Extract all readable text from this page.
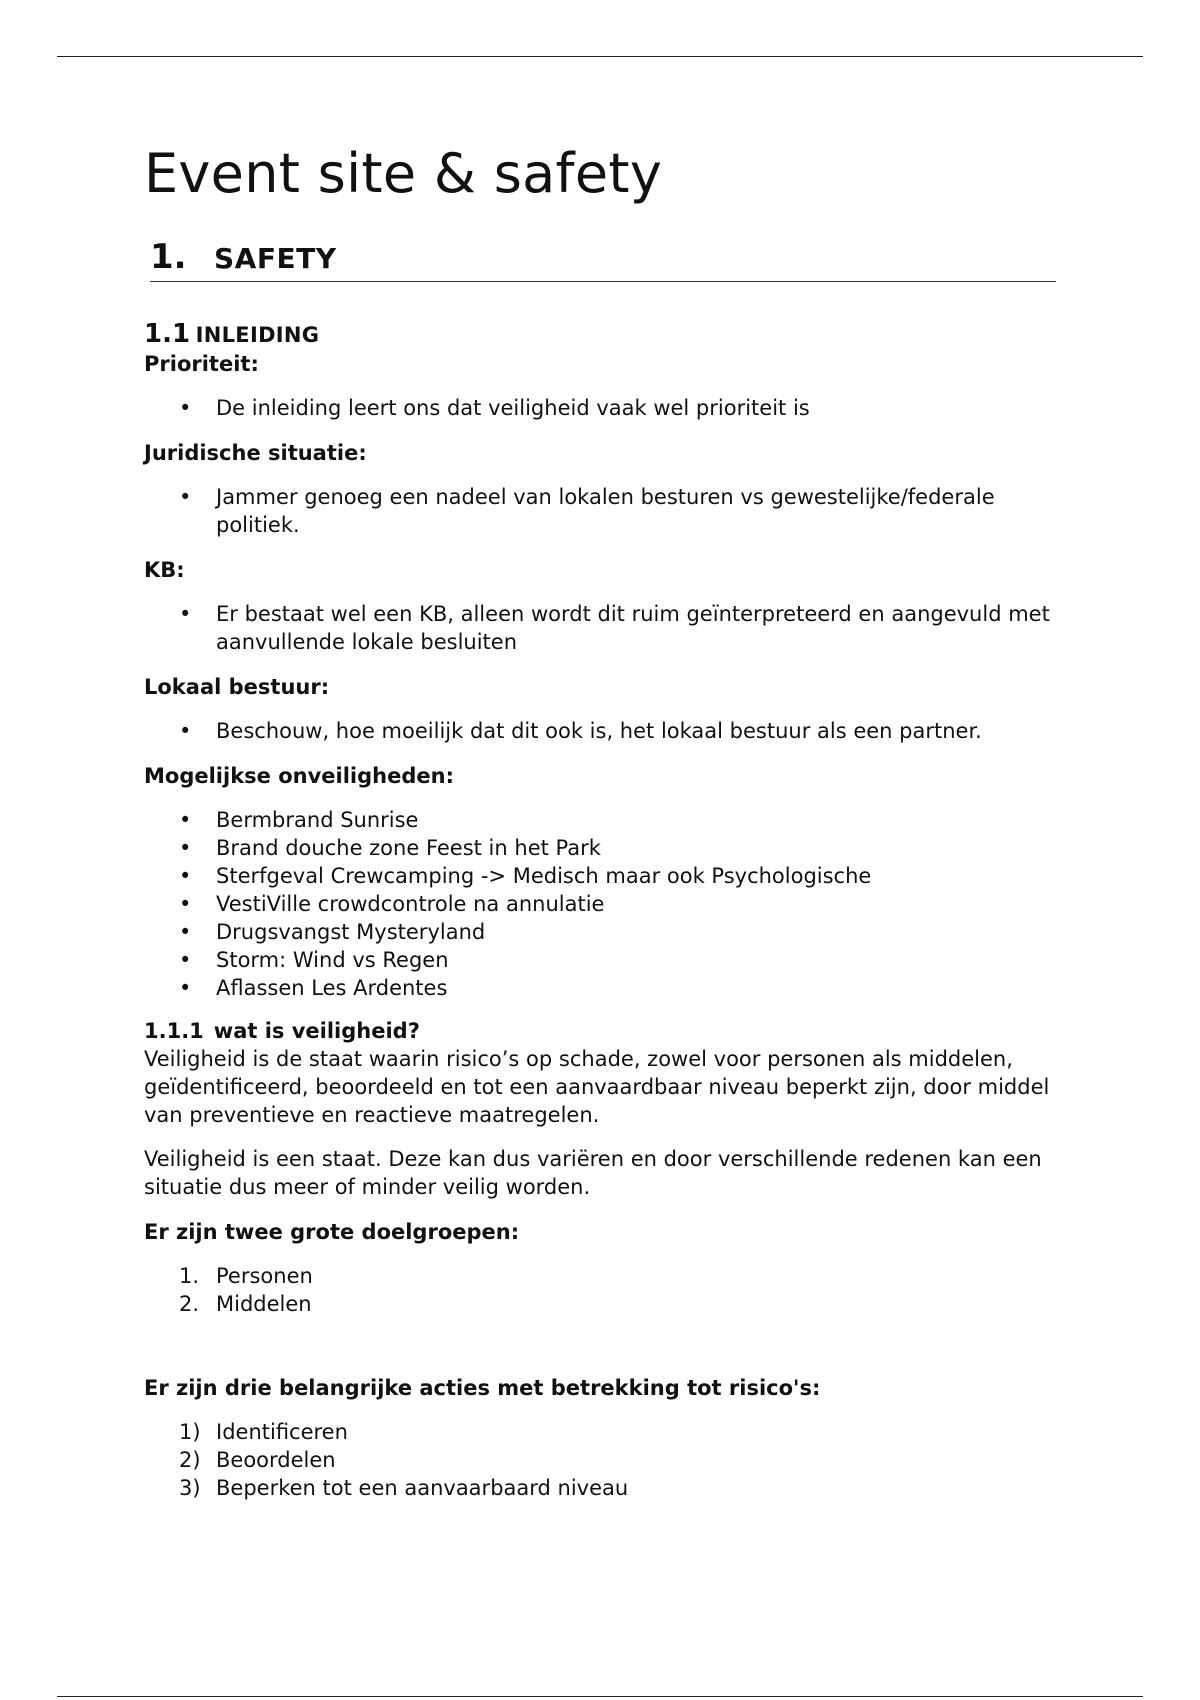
Event site & safety
1. SAFETY
1.1 INLEIDING

Prioriteit:

• De inleiding leert ons dat veiligheid vaak wel prioriteit is

Juridische situatie:

• Jammer genoeg een nadeel van lokalen besturen vs gewestelijke/federale politiek.

KB:

• Er bestaat wel een KB, alleen wordt dit ruim geïnterpreteerd en aangevuld met aanvullende lokale besluiten

Lokaal bestuur:

• Beschouw, hoe moeilijk dat dit ook is, het lokaal bestuur als een partner.

Mogelijkse onveiligheden:

• Bermbrand Sunrise
• Brand douche zone Feest in het Park
• Sterfgeval Crewcamping -> Medisch maar ook Psychologische
• VestiVille crowdcontrole na annulatie
• Drugsvangst Mysteryland
• Storm: Wind vs Regen
• Aflassen Les Ardentes

1.1.1 wat is veiligheid?

Veiligheid is de staat waarin risico’s op schade, zowel voor personen als middelen, geïdentificeerd, beoordeeld en tot een aanvaardbaar niveau beperkt zijn, door middel van preventieve en reactieve maatregelen.

Veiligheid is een staat. Deze kan dus variëren en door verschillende redenen kan een situatie dus meer of minder veilig worden.

Er zijn twee grote doelgroepen:

1. Personen
2. Middelen

Er zijn drie belangrijke acties met betrekking tot risico's:

1) Identificeren
2) Beoordelen
3) Beperken tot een aanvaarbaard niveau
